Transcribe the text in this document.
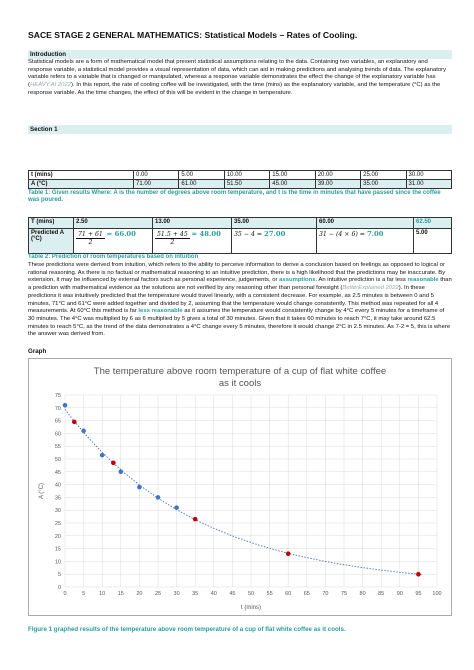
SACE STAGE 2 GENERAL MATHEMATICS: Statistical Models – Rates of Cooling.
Introduction
Statistical models are a form of mathematical model that present statistical assumptions relating to the data. Containing two variables, an explanatory and response variable, a statistical model provides a visual representation of data, which can aid in making predictions and analysing trends of data. The explanatory variable refers to a variable that is changed or manipulated, whereas a response variable demonstrates the effect the change of the explanatory variable has (HEAVY.AI 2022). In this report, the rate of cooling coffee will be investigated, with the time (mins) as the explanatory variable, and the temperature (°C) as the response variable. As the time changes, the effect of this will be evident in the change in temperature.
Section 1
t (mins)	0.00	5.00	10.00	15.00	20.00	25.00	30.00
A (°C)	71.00	61.00	51.50	45.00	39.00	35.00	31.00
Table 1: Given results Where: A is the number of degrees above room temperature, and t is the time in minutes that have passed since the coffee was poured.
T (mins)	2.50	13.00	35.00	60.00	62.50
Predicted A (°C)	$\frac{71 + 61}{2} = 66.00$	$\frac{51.5 + 45}{2} \approx 48.00$	35 − 4 = 27.00	31 − (4 × 6) = 7.00	5.00
Table 2: Prediction of room temperatures based on intuition
These predictions were derived from intuition, which refers to the ability to perceive information to derive a conclusion based on feelings as opposed to logical or rational reasoning. As there is no factual or mathematical reasoning to an intuitive prediction, there is a high likelihood that the predictions may be inaccurate. By extension, it may be influenced by external factors such as personal experience, judgements, or assumptions. An intuitive prediction is a far less reasonable than a prediction with mathematical evidence as the solutions are not verified by any reasoning other than personal foresight (BetterExplained 2022). In these predictions it was intuitively predicted that the temperature would travel linearly, with a consistent decrease. For example, as 2.5 minutes is between 0 and 5 minutes, 71°C and 61°C were added together and divided by 2, assuming that the temperature would change consistently. This method was repeated for all 4 measurements. At 60°C this method is far less reasonable as it assumes the temperature would consistently change by 4°C every 5 minutes for a timeframe of 30 minutes. The 4°C was multiplied by 6 as 6 multiplied by 5 gives a total of 30 minutes. Given that it takes 60 minutes to reach 7°C, it may take around 62.5 minutes to reach 5°C, as the trend of the data demonstrates a 4°C change every 5 minutes, therefore it would change 2°C in 2.5 minutes. As 7-2 = 5, this is where the answer was derived from.
Graph
The temperature above room temperature of a cup of flat white coffee
as it cools
0
5
10
15
20
25
30
35
40
45
50
55
60
65
70
75
0	5	10 15 20 25 30 35 40 45 50 55 60 65 70 75 80 85 90 95 100
t (mins)
A (°C)
Figure 1 graphed results of the temperature above room temperature of a cup of flat white coffee as it cools.
